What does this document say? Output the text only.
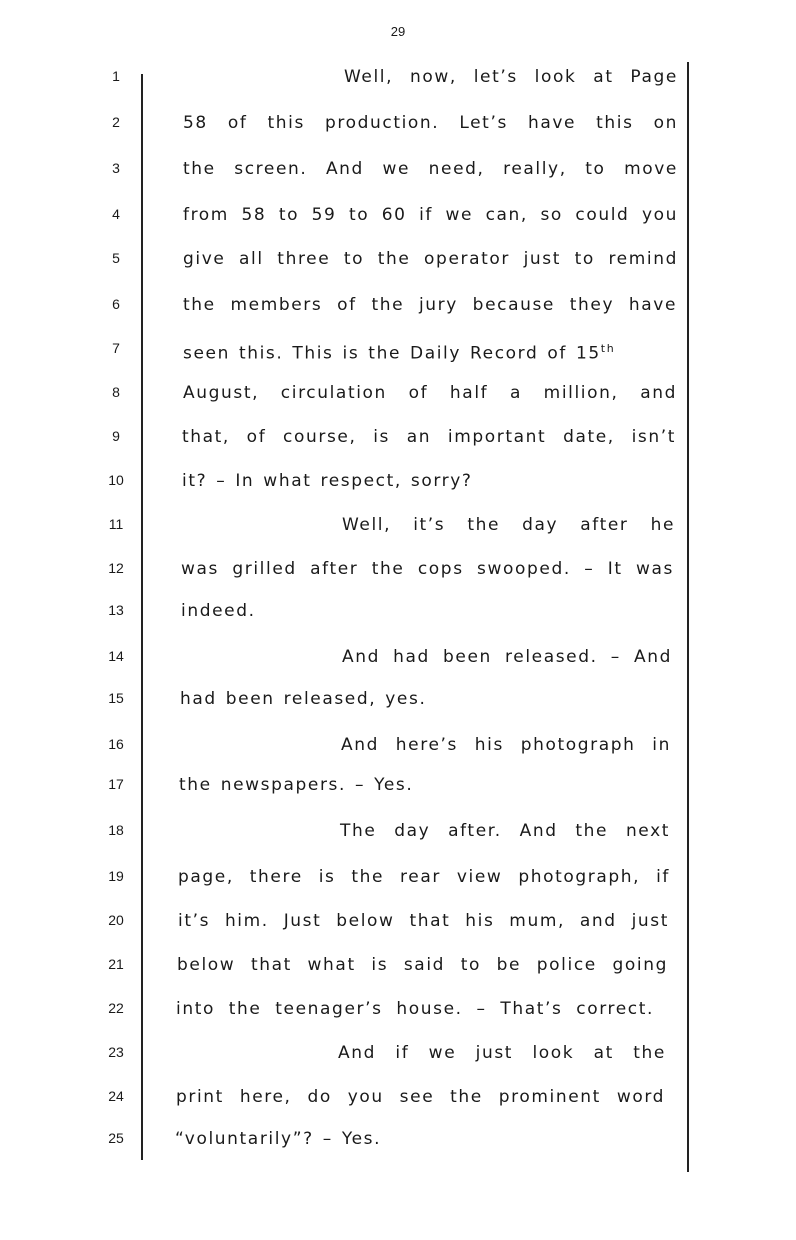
29
1	Well, now, let’s look at Page
2	58 of this production. Let’s have this on
3	the screen. And we need, really, to move
4	from 58 to 59 to 60 if we can, so could you
5	give all three to the operator just to remind
6	the members of the jury because they have
7	seen this. This is the Daily Record of 15th
8	August, circulation of half a million, and
9	that, of course, is an important date, isn’t
10	it? – In what respect, sorry?
11	Well, it’s the day after he
12	was grilled after the cops swooped. – It was
13	indeed.
14	And had been released. – And
15	had been released, yes.
16	And here’s his photograph in
17	the newspapers. – Yes.
18	The day after. And the next
19	page, there is the rear view photograph, if
20	it’s him. Just below that his mum, and just
21	below that what is said to be police going
22	into the teenager’s house. – That’s correct.
23	And if we just look at the
24	print here, do you see the prominent word
25	“voluntarily”? – Yes.
